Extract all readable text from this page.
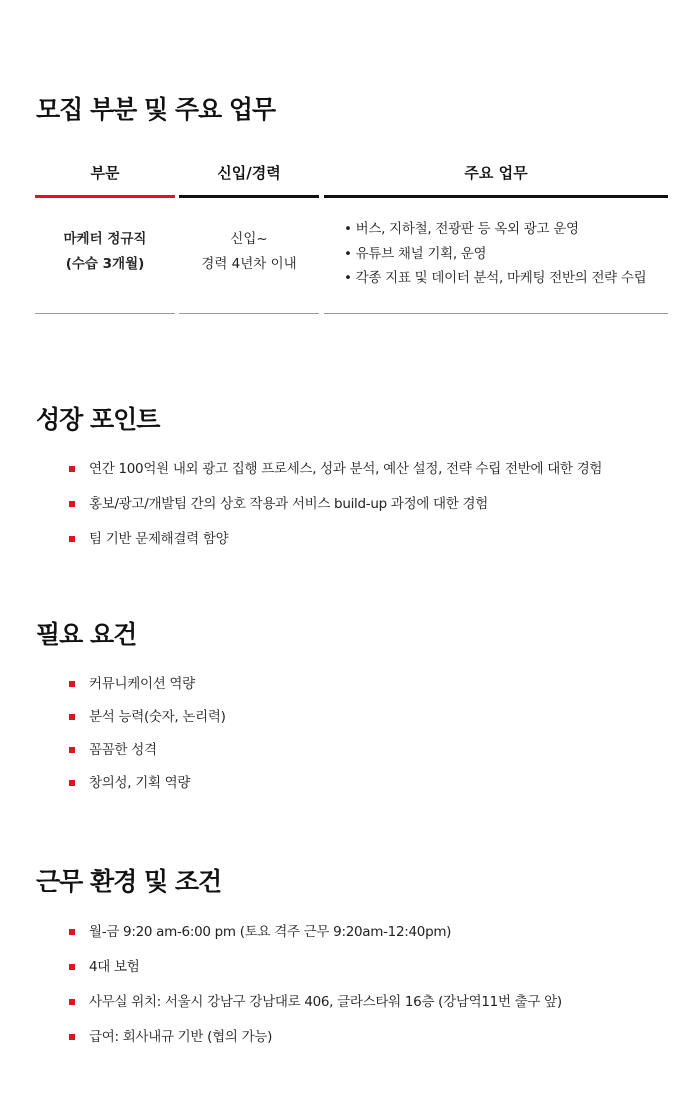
모집 부분 및 주요 업무
부문	신입/경력	주요 업무
마케터 정규직
(수습 3개월)
신입~
경력 4년차 이내
• 버스, 지하철, 전광판 등 옥외 광고 운영
• 유튜브 채널 기획, 운영
• 각종 지표 및 데이터 분석, 마케팅 전반의 전략 수립
성장 포인트
연간 100억원 내외 광고 집행 프로세스, 성과 분석, 예산 설정, 전략 수립 전반에 대한 경험
홍보/광고/개발팀 간의 상호 작용과 서비스 build-up 과정에 대한 경험
팀 기반 문제해결력 함양
필요 요건
커뮤니케이션 역량
분석 능력(숫자, 논리력)
꼼꼼한 성격
창의성, 기획 역량
근무 환경 및 조건
월-금 9:20 am-6:00 pm (토요 격주 근무 9:20am-12:40pm)
4대 보험
사무실 위치: 서울시 강남구 강남대로 406, 글라스타워 16층 (강남역11번 출구 앞)
급여: 회사내규 기반 (협의 가능)
